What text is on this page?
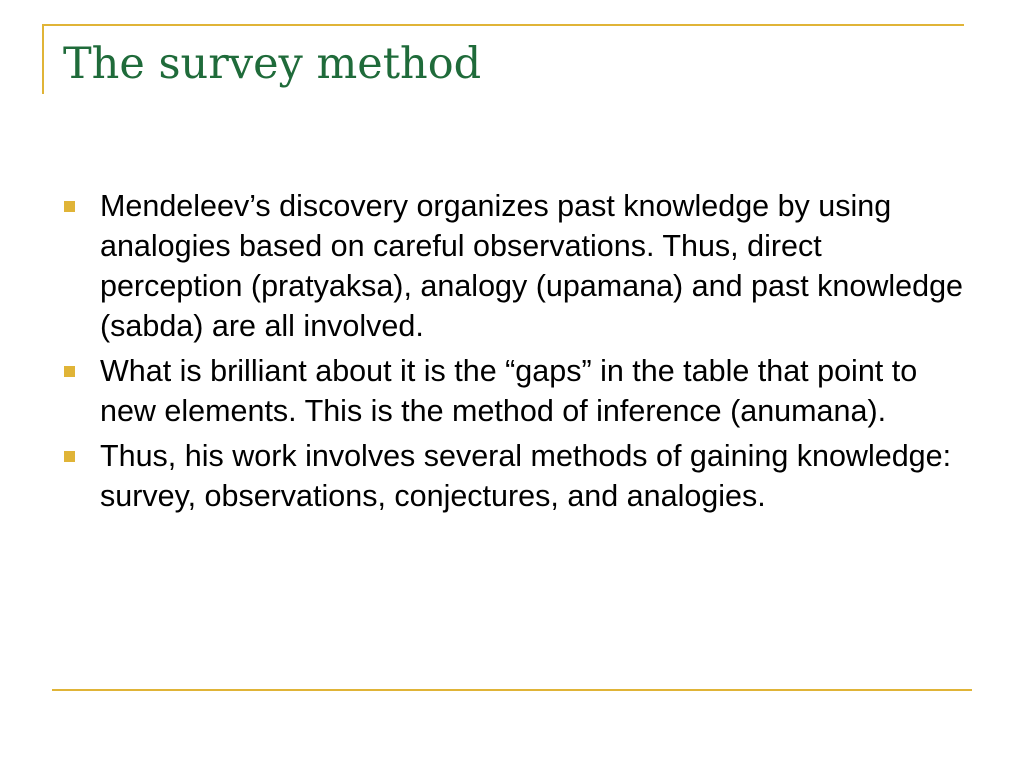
The survey method
Mendeleev’s discovery organizes past knowledge by using analogies based on careful observations. Thus, direct perception (pratyaksa), analogy (upamana) and past knowledge (sabda) are all involved.
What is brilliant about it is the “gaps” in the table that point to new elements. This is the method of inference (anumana).
Thus, his work involves several methods of gaining knowledge: survey, observations, conjectures, and analogies.
